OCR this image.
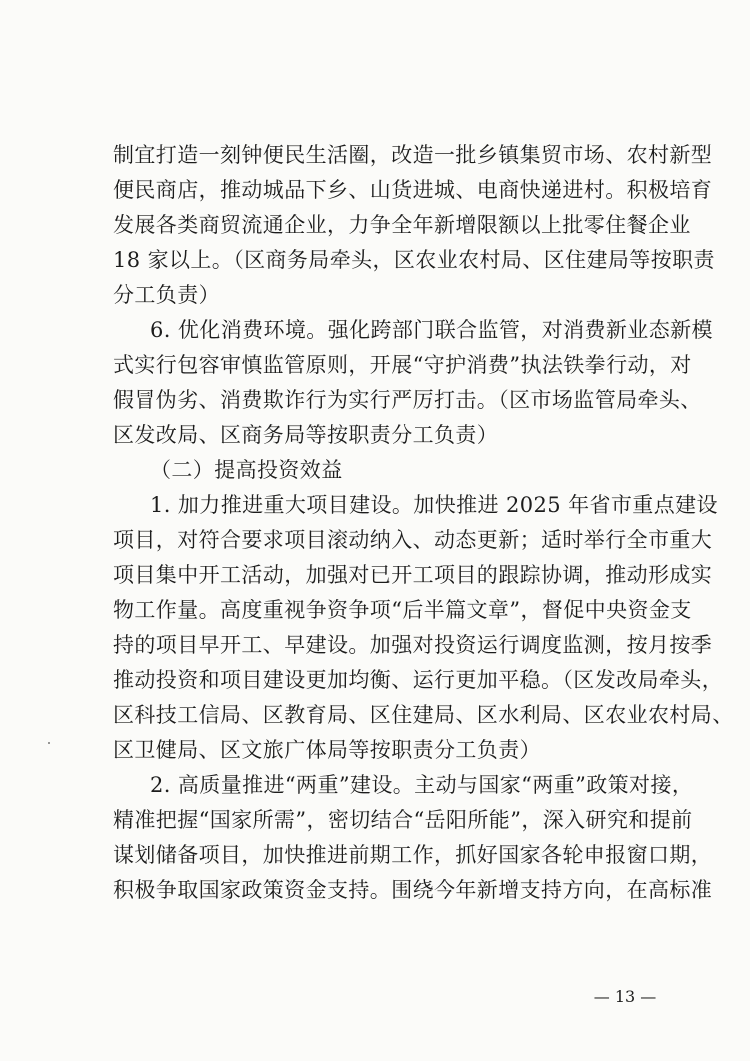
制宜打造一刻钟便民生活圈，改造一批乡镇集贸市场、农村新型
便民商店，推动城品下乡、山货进城、电商快递进村。积极培育
发展各类商贸流通企业，力争全年新增限额以上批零住餐企业
18 家以上。（区商务局牵头，区农业农村局、区住建局等按职责
分工负责）
6. 优化消费环境。强化跨部门联合监管，对消费新业态新模
式实行包容审慎监管原则，开展“守护消费”执法铁拳行动，对
假冒伪劣、消费欺诈行为实行严厉打击。（区市场监管局牵头、
区发改局、区商务局等按职责分工负责）
（二）提高投资效益
1. 加力推进重大项目建设。加快推进 2025 年省市重点建设
项目，对符合要求项目滚动纳入、动态更新；适时举行全市重大
项目集中开工活动，加强对已开工项目的跟踪协调，推动形成实
物工作量。高度重视争资争项“后半篇文章”，督促中央资金支
持的项目早开工、早建设。加强对投资运行调度监测，按月按季
推动投资和项目建设更加均衡、运行更加平稳。（区发改局牵头，
区科技工信局、区教育局、区住建局、区水利局、区农业农村局、
区卫健局、区文旅广体局等按职责分工负责）
2. 高质量推进“两重”建设。主动与国家“两重”政策对接，
精准把握“国家所需”，密切结合“岳阳所能”，深入研究和提前
谋划储备项目，加快推进前期工作，抓好国家各轮申报窗口期，
积极争取国家政策资金支持。围绕今年新增支持方向，在高标准
— 13 —
